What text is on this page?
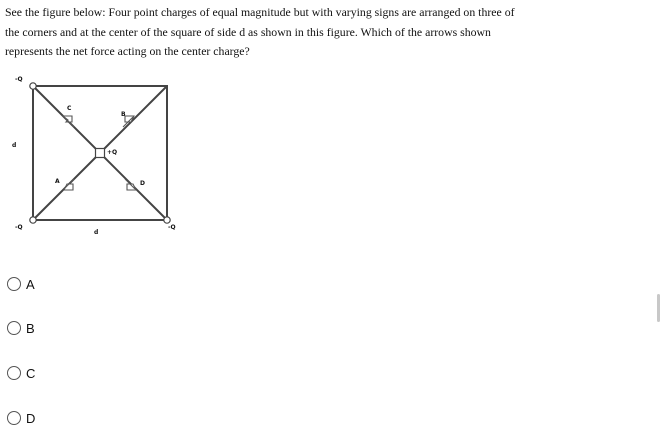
See the figure below: Four point charges of equal magnitude but with varying signs are arranged on three of
the corners and at the center of the square of side d as shown in this figure. Which of the arrows shown
represents the net force acting on the center charge?
-Q
+Q
-Q	-Q
d
d
C
B
A	D
A
B
C
D
